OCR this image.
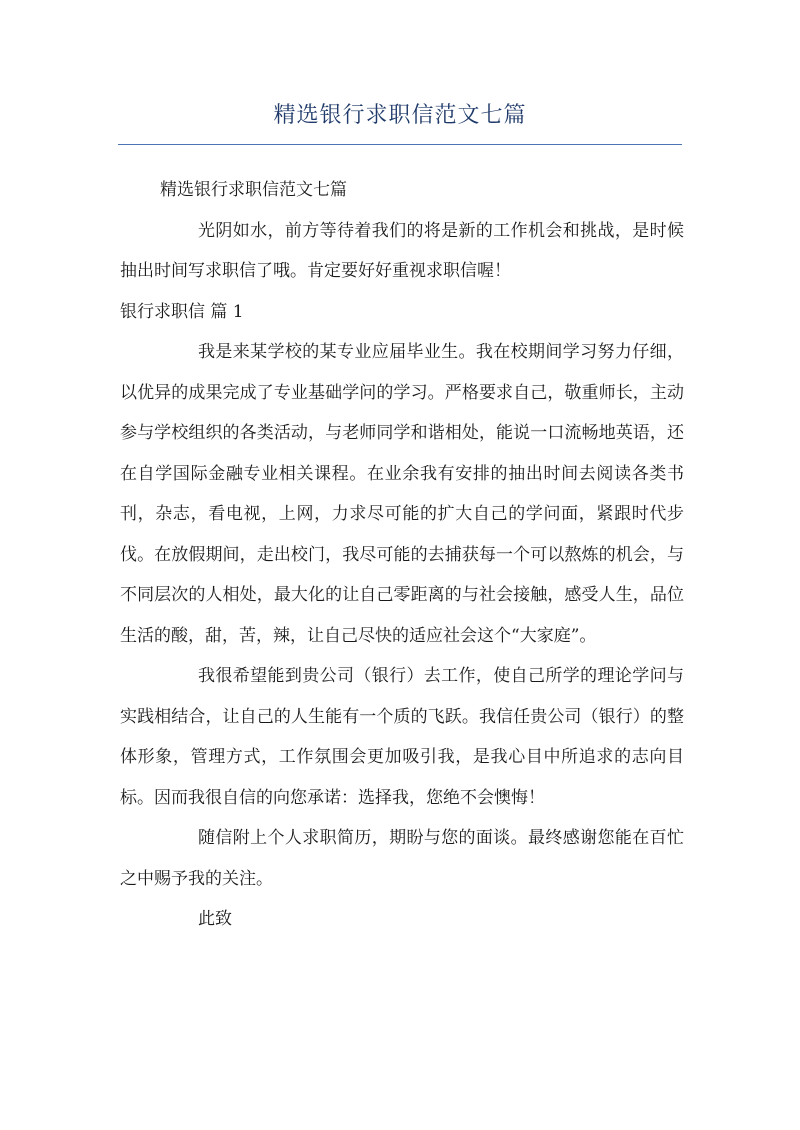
精选银行求职信范文七篇

精选银行求职信范文七篇

光阴如水，前方等待着我们的将是新的工作机会和挑战，是时候抽出时间写求职信了哦。肯定要好好重视求职信喔！

银行求职信 篇 1

我是来某学校的某专业应届毕业生。我在校期间学习努力仔细，以优异的成果完成了专业基础学问的学习。严格要求自己，敬重师长，主动参与学校组织的各类活动，与老师同学和谐相处，能说一口流畅地英语，还在自学国际金融专业相关课程。在业余我有安排的抽出时间去阅读各类书刊，杂志，看电视，上网，力求尽可能的扩大自己的学问面，紧跟时代步伐。在放假期间，走出校门，我尽可能的去捕获每一个可以熬炼的机会，与不同层次的人相处，最大化的让自己零距离的与社会接触，感受人生，品位生活的酸，甜，苦，辣，让自己尽快的适应社会这个“大家庭”。

我很希望能到贵公司（银行）去工作，使自己所学的理论学问与实践相结合，让自己的人生能有一个质的飞跃。我信任贵公司（银行）的整体形象，管理方式，工作氛围会更加吸引我，是我心目中所追求的志向目标。因而我很自信的向您承诺：选择我，您绝不会懊悔！

随信附上个人求职简历，期盼与您的面谈。最终感谢您能在百忙之中赐予我的关注。

此致
